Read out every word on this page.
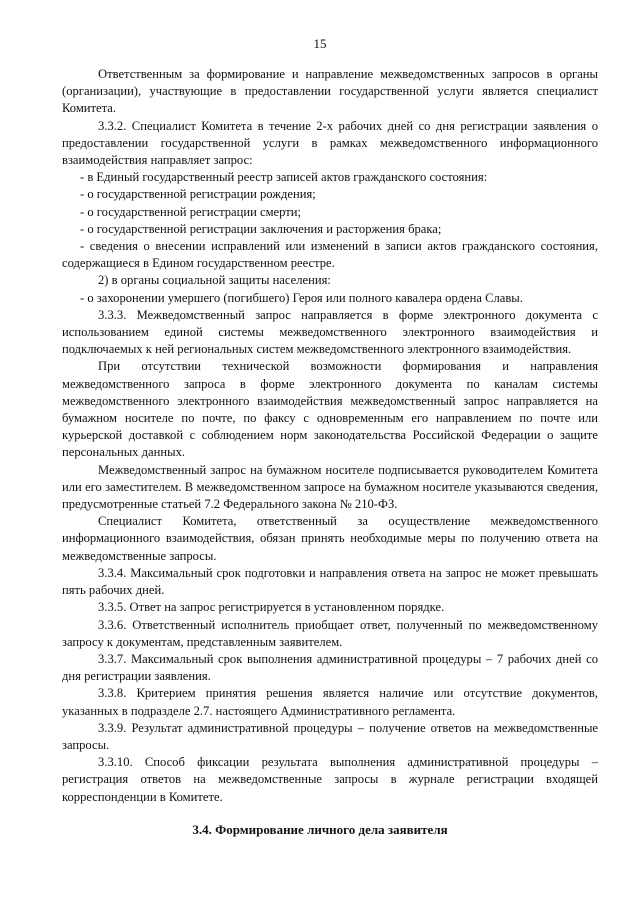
15

Ответственным за формирование и направление межведомственных запросов в органы (организации), участвующие в предоставлении государственной услуги является специалист Комитета.

3.3.2. Специалист Комитета в течение 2-х рабочих дней со дня регистрации заявления о предоставлении государственной услуги в рамках межведомственного информационного взаимодействия направляет запрос:

- в Единый государственный реестр записей актов гражданского состояния:

- о государственной регистрации рождения;

- о государственной регистрации смерти;

- о государственной регистрации заключения и расторжения брака;

- сведения о внесении исправлений или изменений в записи актов гражданского состояния, содержащиеся в Едином государственном реестре.

2) в органы социальной защиты населения:

- о захоронении умершего (погибшего) Героя или полного кавалера ордена Славы.

3.3.3. Межведомственный запрос направляется в форме электронного документа с использованием единой системы межведомственного электронного взаимодействия и подключаемых к ней региональных систем межведомственного электронного взаимодействия.

При отсутствии технической возможности формирования и направления межведомственного запроса в форме электронного документа по каналам системы межведомственного электронного взаимодействия межведомственный запрос направляется на бумажном носителе по почте, по факсу с одновременным его направлением по почте или курьерской доставкой с соблюдением норм законодательства Российской Федерации о защите персональных данных.

Межведомственный запрос на бумажном носителе подписывается руководителем Комитета или его заместителем. В межведомственном запросе на бумажном носителе указываются сведения, предусмотренные статьей 7.2 Федерального закона № 210-ФЗ.

Специалист Комитета, ответственный за осуществление межведомственного информационного взаимодействия, обязан принять необходимые меры по получению ответа на межведомственные запросы.

3.3.4. Максимальный срок подготовки и направления ответа на запрос не может превышать пять рабочих дней.

3.3.5. Ответ на запрос регистрируется в установленном порядке.

3.3.6. Ответственный исполнитель приобщает ответ, полученный по межведомственному запросу к документам, представленным заявителем.

3.3.7. Максимальный срок выполнения административной процедуры – 7 рабочих дней со дня регистрации заявления.

3.3.8. Критерием принятия решения является наличие или отсутствие документов, указанных в подразделе 2.7. настоящего Административного регламента.

3.3.9. Результат административной процедуры – получение ответов на межведомственные запросы.

3.3.10. Способ фиксации результата выполнения административной процедуры – регистрация ответов на межведомственные запросы в журнале регистрации входящей корреспонденции в Комитете.

3.4. Формирование личного дела заявителя
